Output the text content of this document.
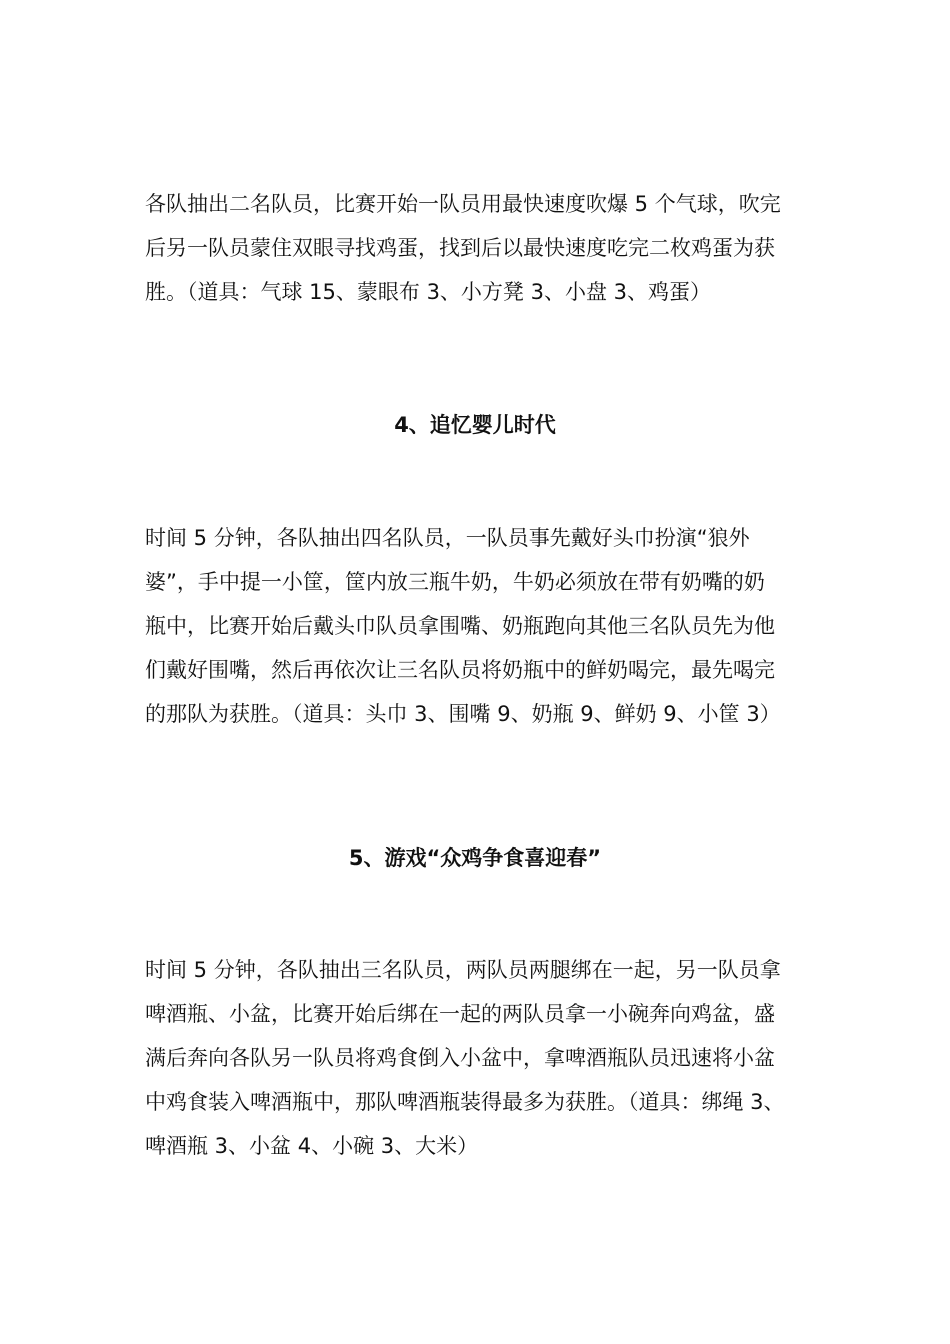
各队抽出二名队员，比赛开始一队员用最快速度吹爆 5 个气球，吹完
后另一队员蒙住双眼寻找鸡蛋，找到后以最快速度吃完二枚鸡蛋为获
胜。（道具：气球 15、蒙眼布 3、小方凳 3、小盘 3、鸡蛋）
4、追忆婴儿时代
时间 5 分钟，各队抽出四名队员，一队员事先戴好头巾扮演“狼外
婆”，手中提一小筐，筐内放三瓶牛奶，牛奶必须放在带有奶嘴的奶
瓶中，比赛开始后戴头巾队员拿围嘴、奶瓶跑向其他三名队员先为他
们戴好围嘴，然后再依次让三名队员将奶瓶中的鲜奶喝完，最先喝完
的那队为获胜。（道具：头巾 3、围嘴 9、奶瓶 9、鲜奶 9、小筐 3）
5、游戏“众鸡争食喜迎春”
时间 5 分钟，各队抽出三名队员，两队员两腿绑在一起，另一队员拿
啤酒瓶、小盆，比赛开始后绑在一起的两队员拿一小碗奔向鸡盆，盛
满后奔向各队另一队员将鸡食倒入小盆中，拿啤酒瓶队员迅速将小盆
中鸡食装入啤酒瓶中，那队啤酒瓶装得最多为获胜。（道具：绑绳 3、
啤酒瓶 3、小盆 4、小碗 3、大米）
